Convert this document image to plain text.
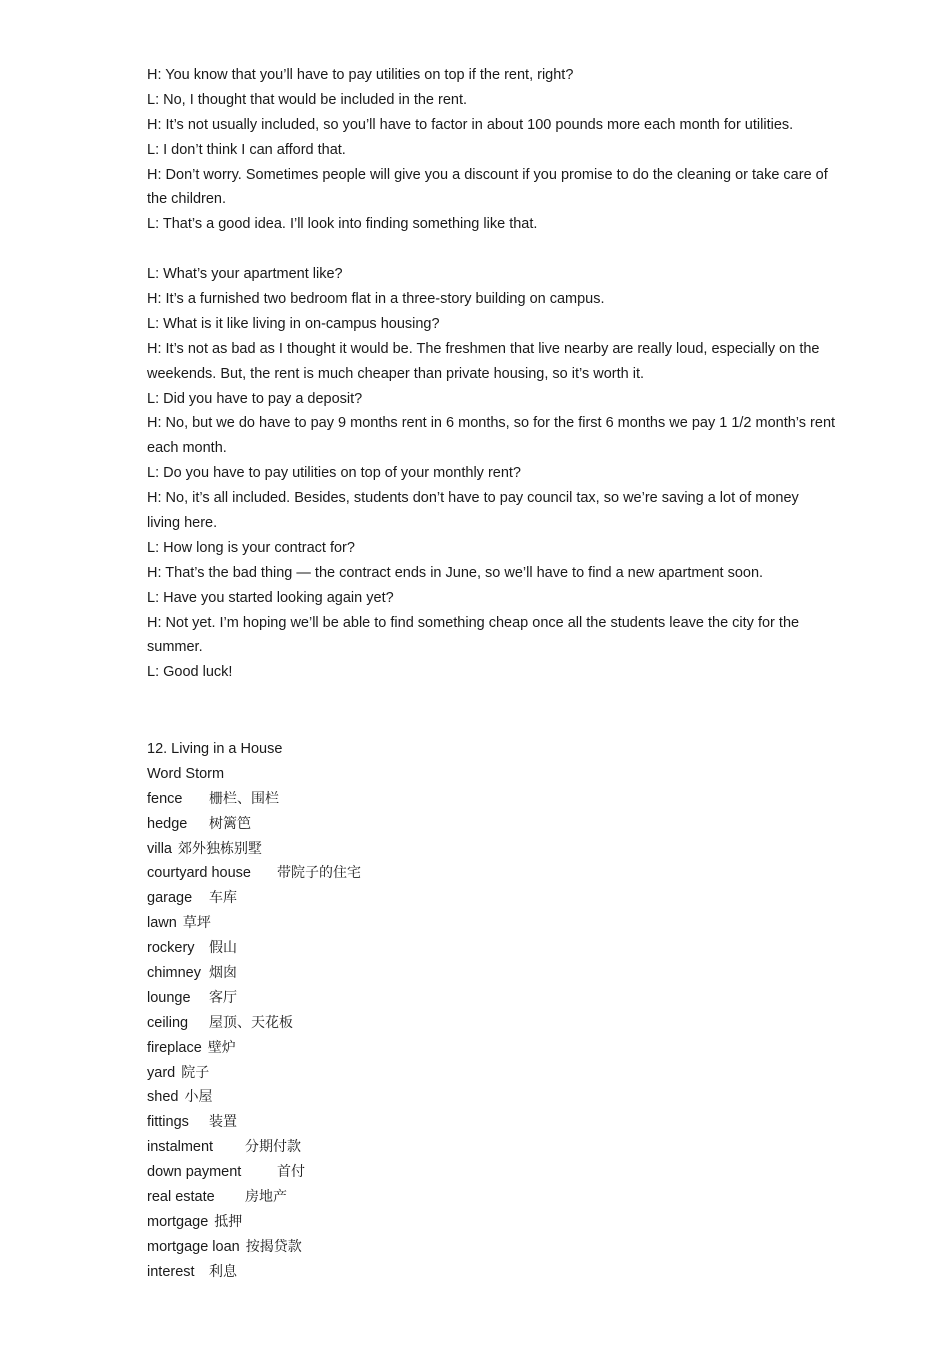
H: You know that you’ll have to pay utilities on top if the rent, right?
L: No, I thought that would be included in the rent.
H: It’s not usually included, so you’ll have to factor in about 100 pounds more each month for utilities.
L: I don’t think I can afford that.
H: Don’t worry. Sometimes people will give you a discount if you promise to do the cleaning or take care of
the children.
L: That’s a good idea. I’ll look into finding something like that.
L: What’s your apartment like?
H: It’s a furnished two bedroom flat in a three-story building on campus.
L: What is it like living in on-campus housing?
H: It’s not as bad as I thought it would be. The freshmen that live nearby are really loud, especially on the
weekends. But, the rent is much cheaper than private housing, so it’s worth it.
L: Did you have to pay a deposit?
H: No, but we do have to pay 9 months rent in 6 months, so for the first 6 months we pay 1 1/2 month’s rent
each month.
L: Do you have to pay utilities on top of your monthly rent?
H: No, it’s all included. Besides, students don’t have to pay council tax, so we’re saving a lot of money
living here.
L: How long is your contract for?
H: That’s the bad thing — the contract ends in June, so we’ll have to find a new apartment soon.
L: Have you started looking again yet?
H: Not yet. I’m hoping we’ll be able to find something cheap once all the students leave the city for the
summer.
L: Good luck!
12. Living in a House
Word Storm
fence 栅栏、围栏
hedge 树篱笆
villa 郊外独栋别墅
courtyard house 带院子的住宅
garage 车库
lawn 草坪
rockery 假山
chimney 烟囱
lounge 客厅
ceiling 屋顶、天花板
fireplace 壁炉
yard 院子
shed 小屋
fittings 装置
instalment 分期付款
down payment	首付
real estate 房地产
mortgage 抵押
mortgage loan 按揭贷款
interest 利息
